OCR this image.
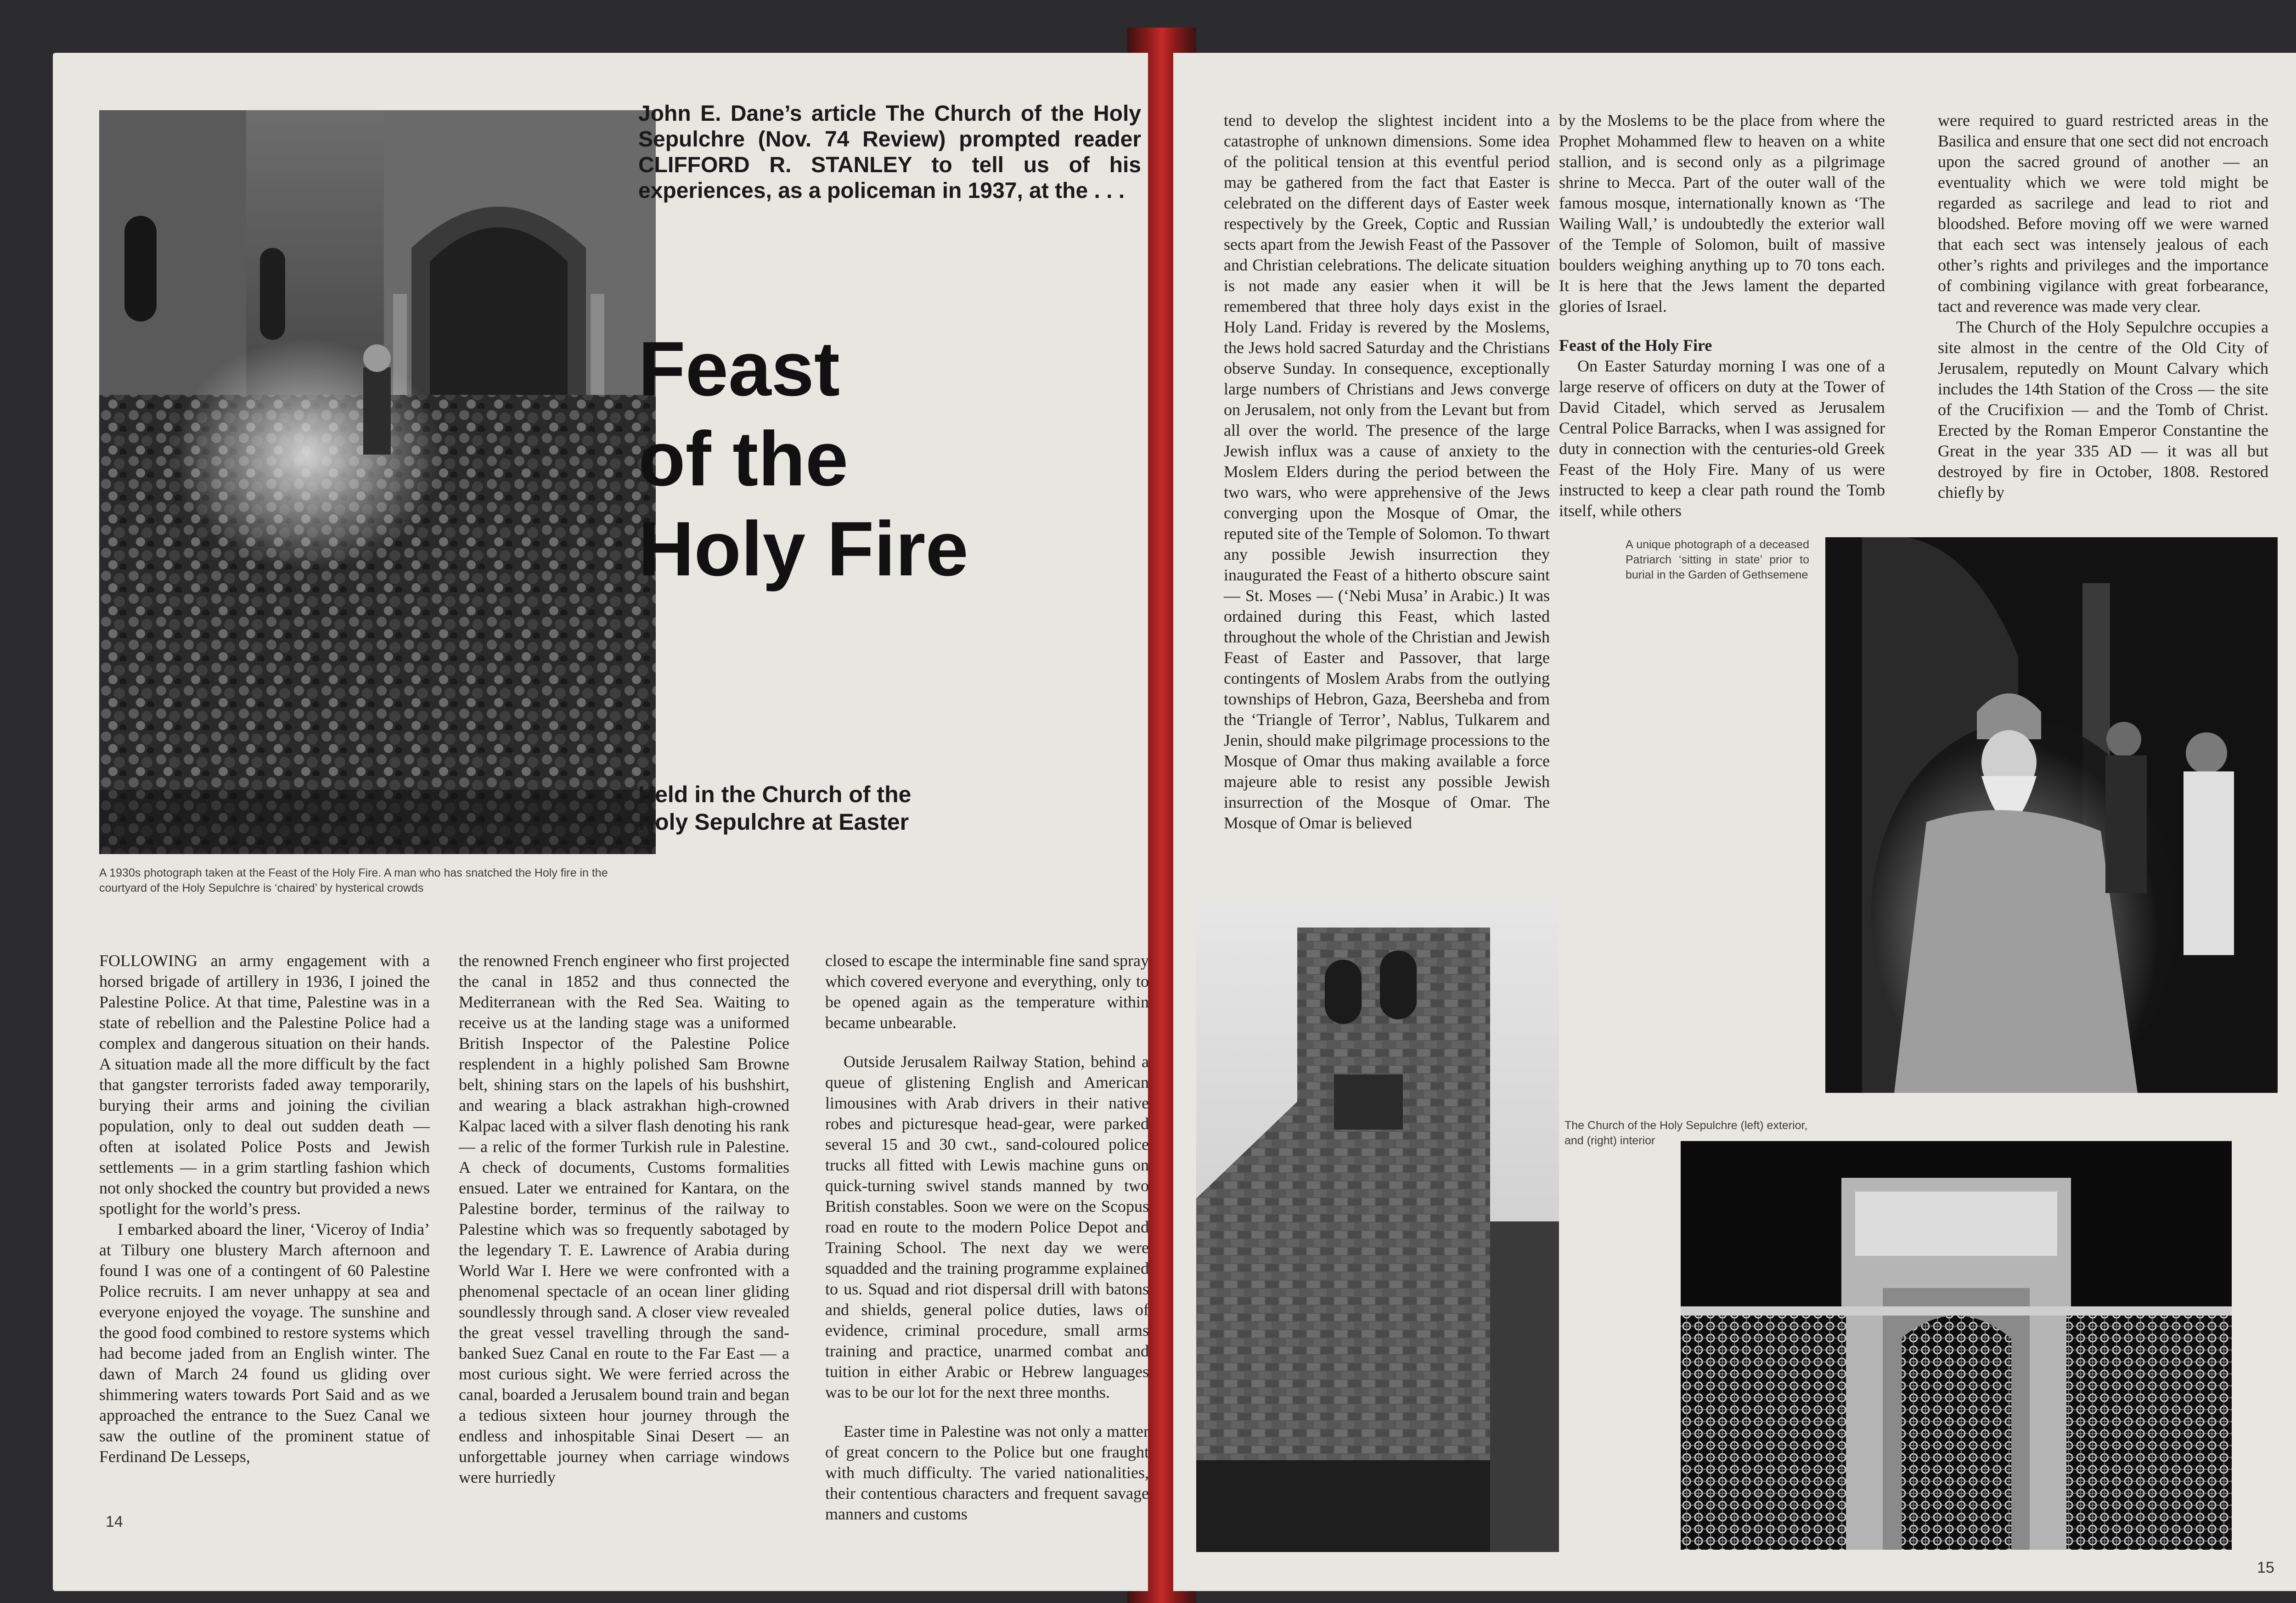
A 1930s photograph taken at the Feast of the Holy Fire. A man who has snatched the Holy fire in the courtyard of the Holy Sepulchre is ‘chaired’ by hysterical crowds
John E. Dane’s article The Church of the Holy Sepulchre (Nov. 74 Review) prompted reader CLIFFORD R. STANLEY to tell us of his experiences, as a policeman in 1937, at the . . .
Feast
of the
Holy Fire
Held in the Church of the
Holy Sepulchre at Easter

FOLLOWING an army engagement with a horsed brigade of artillery in 1936, I joined the Palestine Police. At that time, Palestine was in a state of rebellion and the Palestine Police had a complex and dangerous situation on their hands. A situation made all the more difficult by the fact that gangster terrorists faded away temporarily, burying their arms and joining the civilian population, only to deal out sudden death — often at isolated Police Posts and Jewish settlements — in a grim startling fashion which not only shocked the country but provided a news spotlight for the world’s press.

I embarked aboard the liner, ‘Viceroy of India’ at Tilbury one blustery March afternoon and found I was one of a contingent of 60 Palestine Police recruits. I am never unhappy at sea and everyone enjoyed the voyage. The sunshine and the good food combined to restore systems which had become jaded from an English winter. The dawn of March 24 found us gliding over shimmering waters towards Port Said and as we approached the entrance to the Suez Canal we saw the outline of the prominent statue of Ferdinand De Lesseps,

the renowned French engineer who first projected the canal in 1852 and thus connected the Mediterranean with the Red Sea. Waiting to receive us at the landing stage was a uniformed British Inspector of the Palestine Police resplendent in a highly polished Sam Browne belt, shining stars on the lapels of his bushshirt, and wearing a black astrakhan high-crowned Kalpac laced with a silver flash denoting his rank — a relic of the former Turkish rule in Palestine. A check of documents, Customs formalities ensued. Later we entrained for Kantara, on the Palestine border, terminus of the railway to Palestine which was so frequently sabotaged by the legendary T. E. Lawrence of Arabia during World War I. Here we were confronted with a phenomenal spectacle of an ocean liner gliding soundlessly through sand. A closer view revealed the great vessel travelling through the sand-banked Suez Canal en route to the Far East — a most curious sight. We were ferried across the canal, boarded a Jerusalem bound train and began a tedious sixteen hour journey through the endless and inhospitable Sinai Desert — an unforgettable journey when carriage windows were hurriedly

closed to escape the interminable fine sand spray which covered everyone and everything, only to be opened again as the temperature within became unbearable.

Outside Jerusalem Railway Station, behind a queue of glistening English and American limousines with Arab drivers in their native robes and picturesque head-gear, were parked several 15 and 30 cwt., sand-coloured police trucks all fitted with Lewis machine guns on quick-turning swivel stands manned by two British constables. Soon we were on the Scopus road en route to the modern Police Depot and Training School. The next day we were squadded and the training programme explained to us. Squad and riot dispersal drill with batons and shields, general police duties, laws of evidence, criminal procedure, small arms training and practice, unarmed combat and tuition in either Arabic or Hebrew languages was to be our lot for the next three months.

Easter time in Palestine was not only a matter of great concern to the Police but one fraught with much difficulty. The varied nationalities, their contentious characters and frequent savage manners and customs

14

tend to develop the slightest incident into a catastrophe of unknown dimensions. Some idea of the political tension at this eventful period may be gathered from the fact that Easter is celebrated on the different days of Easter week respectively by the Greek, Coptic and Russian sects apart from the Jewish Feast of the Passover and Christian celebrations. The delicate situation is not made any easier when it will be remembered that three holy days exist in the Holy Land. Friday is revered by the Moslems, the Jews hold sacred Saturday and the Christians observe Sunday. In consequence, exceptionally large numbers of Christians and Jews converge on Jerusalem, not only from the Levant but from all over the world. The presence of the large Jewish influx was a cause of anxiety to the Moslem Elders during the period between the two wars, who were apprehensive of the Jews converging upon the Mosque of Omar, the reputed site of the Temple of Solomon. To thwart any possible Jewish insurrection they inaugurated the Feast of a hitherto obscure saint — St. Moses — (‘Nebi Musa’ in Arabic.) It was ordained during this Feast, which lasted throughout the whole of the Christian and Jewish Feast of Easter and Passover, that large contingents of Moslem Arabs from the outlying townships of Hebron, Gaza, Beersheba and from the ‘Triangle of Terror’, Nablus, Tulkarem and Jenin, should make pilgrimage processions to the Mosque of Omar thus making available a force majeure able to resist any possible Jewish insurrection of the Mosque of Omar. The Mosque of Omar is believed

by the Moslems to be the place from where the Prophet Mohammed flew to heaven on a white stallion, and is second only as a pilgrimage shrine to Mecca. Part of the outer wall of the famous mosque, internationally known as ‘The Wailing Wall,’ is undoubtedly the exterior wall of the Temple of Solomon, built of massive boulders weighing anything up to 70 tons each. It is here that the Jews lament the departed glories of Israel.

Feast of the Holy Fire

On Easter Saturday morning I was one of a large reserve of officers on duty at the Tower of David Citadel, which served as Jerusalem Central Police Barracks, when I was assigned for duty in connection with the centuries-old Greek Feast of the Holy Fire. Many of us were instructed to keep a clear path round the Tomb itself, while others

were required to guard restricted areas in the Basilica and ensure that one sect did not encroach upon the sacred ground of another — an eventuality which we were told might be regarded as sacrilege and lead to riot and bloodshed. Before moving off we were warned that each sect was intensely jealous of each other’s rights and privileges and the importance of combining vigilance with great forbearance, tact and reverence was made very clear.

The Church of the Holy Sepulchre occupies a site almost in the centre of the Old City of Jerusalem, reputedly on Mount Calvary which includes the 14th Station of the Cross — the site of the Crucifixion — and the Tomb of Christ. Erected by the Roman Emperor Constantine the Great in the year 335 AD — it was all but destroyed by fire in October, 1808. Restored chiefly by

A unique photograph of a deceased Patriarch ‘sitting in state’ prior to burial in the Garden of Gethsemene
The Church of the Holy Sepulchre (left) exterior, and (right) interior
15
